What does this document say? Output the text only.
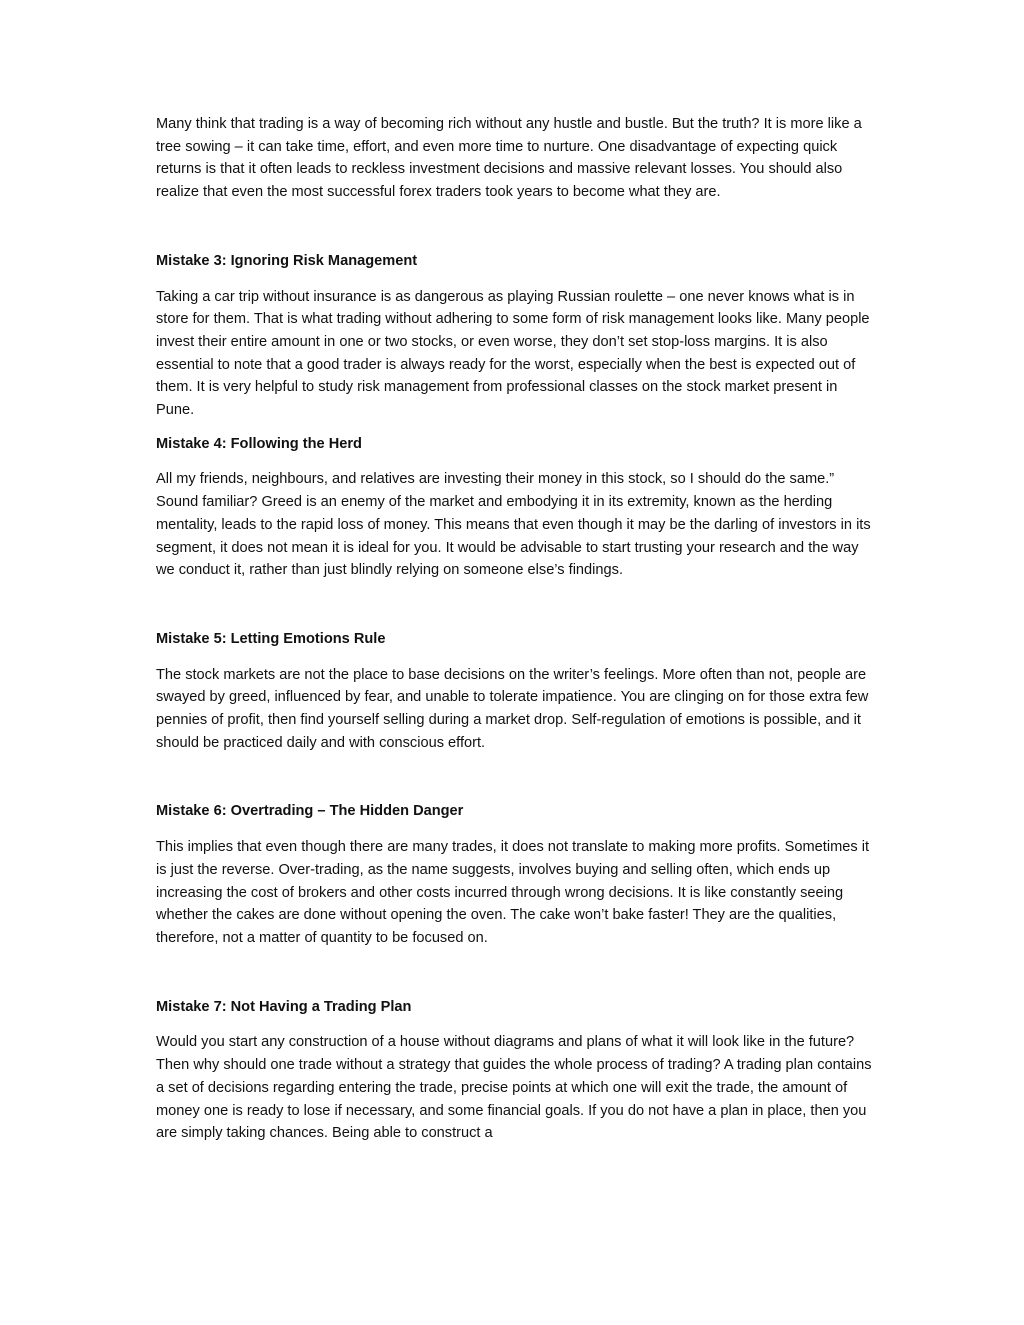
Many think that trading is a way of becoming rich without any hustle and bustle. But the truth? It is more like a tree sowing – it can take time, effort, and even more time to nurture. One disadvantage of expecting quick returns is that it often leads to reckless investment decisions and massive relevant losses. You should also realize that even the most successful forex traders took years to become what they are.

Mistake 3: Ignoring Risk Management

Taking a car trip without insurance is as dangerous as playing Russian roulette – one never knows what is in store for them. That is what trading without adhering to some form of risk management looks like. Many people invest their entire amount in one or two stocks, or even worse, they don’t set stop-loss margins. It is also essential to note that a good trader is always ready for the worst, especially when the best is expected out of them. It is very helpful to study risk management from professional classes on the stock market present in Pune.

Mistake 4: Following the Herd

All my friends, neighbours, and relatives are investing their money in this stock, so I should do the same.” Sound familiar? Greed is an enemy of the market and embodying it in its extremity, known as the herding mentality, leads to the rapid loss of money. This means that even though it may be the darling of investors in its segment, it does not mean it is ideal for you. It would be advisable to start trusting your research and the way we conduct it, rather than just blindly relying on someone else’s findings.

Mistake 5: Letting Emotions Rule

The stock markets are not the place to base decisions on the writer’s feelings. More often than not, people are swayed by greed, influenced by fear, and unable to tolerate impatience. You are clinging on for those extra few pennies of profit, then find yourself selling during a market drop. Self-regulation of emotions is possible, and it should be practiced daily and with conscious effort.

Mistake 6: Overtrading – The Hidden Danger

This implies that even though there are many trades, it does not translate to making more profits. Sometimes it is just the reverse. Over-trading, as the name suggests, involves buying and selling often, which ends up increasing the cost of brokers and other costs incurred through wrong decisions. It is like constantly seeing whether the cakes are done without opening the oven. The cake won’t bake faster! They are the qualities, therefore, not a matter of quantity to be focused on.

Mistake 7: Not Having a Trading Plan

Would you start any construction of a house without diagrams and plans of what it will look like in the future? Then why should one trade without a strategy that guides the whole process of trading? A trading plan contains a set of decisions regarding entering the trade, precise points at which one will exit the trade, the amount of money one is ready to lose if necessary, and some financial goals. If you do not have a plan in place, then you are simply taking chances. Being able to construct a
